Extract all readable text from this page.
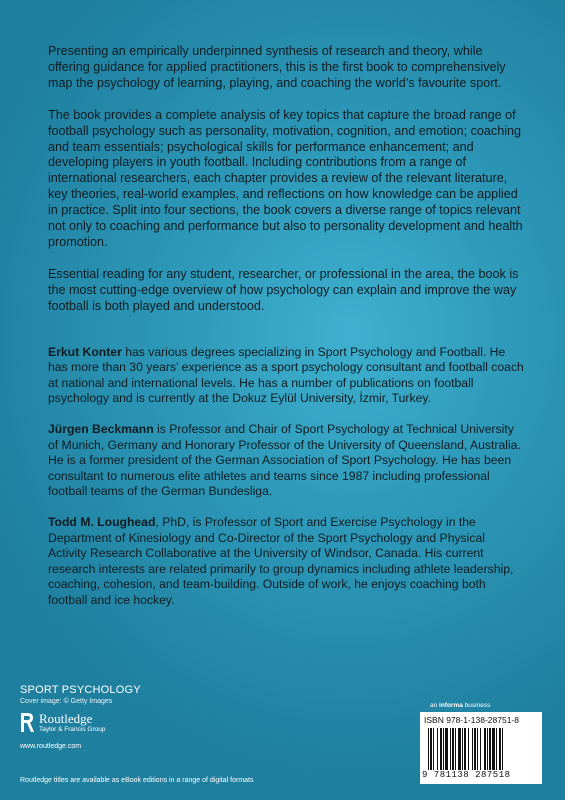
Presenting an empirically underpinned synthesis of research and theory, while offering guidance for applied practitioners, this is the first book to comprehensively map the psychology of learning, playing, and coaching the world’s favourite sport.

The book provides a complete analysis of key topics that capture the broad range of football psychology such as personality, motivation, cognition, and emotion; coaching and team essentials; psychological skills for performance enhancement; and developing players in youth football. Including contributions from a range of international researchers, each chapter provides a review of the relevant literature, key theories, real-world examples, and reflections on how knowledge can be applied in practice. Split into four sections, the book covers a diverse range of topics relevant not only to coaching and performance but also to personality development and health promotion.

Essential reading for any student, researcher, or professional in the area, the book is the most cutting-edge overview of how psychology can explain and improve the way football is both played and understood.

Erkut Konter has various degrees specializing in Sport Psychology and Football. He has more than 30 years’ experience as a sport psychology consultant and football coach at national and international levels. He has a number of publications on football psychology and is currently at the Dokuz Eylül University, İzmir, Turkey.

Jürgen Beckmann is Professor and Chair of Sport Psychology at Technical University of Munich, Germany and Honorary Professor of the University of Queensland, Australia. He is a former president of the German Association of Sport Psychology. He has been consultant to numerous elite athletes and teams since 1987 including professional football teams of the German Bundesliga.

Todd M. Loughead, PhD, is Professor of Sport and Exercise Psychology in the Department of Kinesiology and Co-Director of the Sport Psychology and Physical Activity Research Collaborative at the University of Windsor, Canada. His current research interests are related primarily to group dynamics including athlete leadership, coaching, cohesion, and team-building. Outside of work, he enjoys coaching both football and ice hockey.

SPORT PSYCHOLOGY
Cover image: © Getty Images
Routledge
Taylor & Francis Group
www.routledge.com
Routledge titles are available as eBook editions in a range of digital formats
an informa business
ISBN 978-1-138-28751-8
9 781138 287518
